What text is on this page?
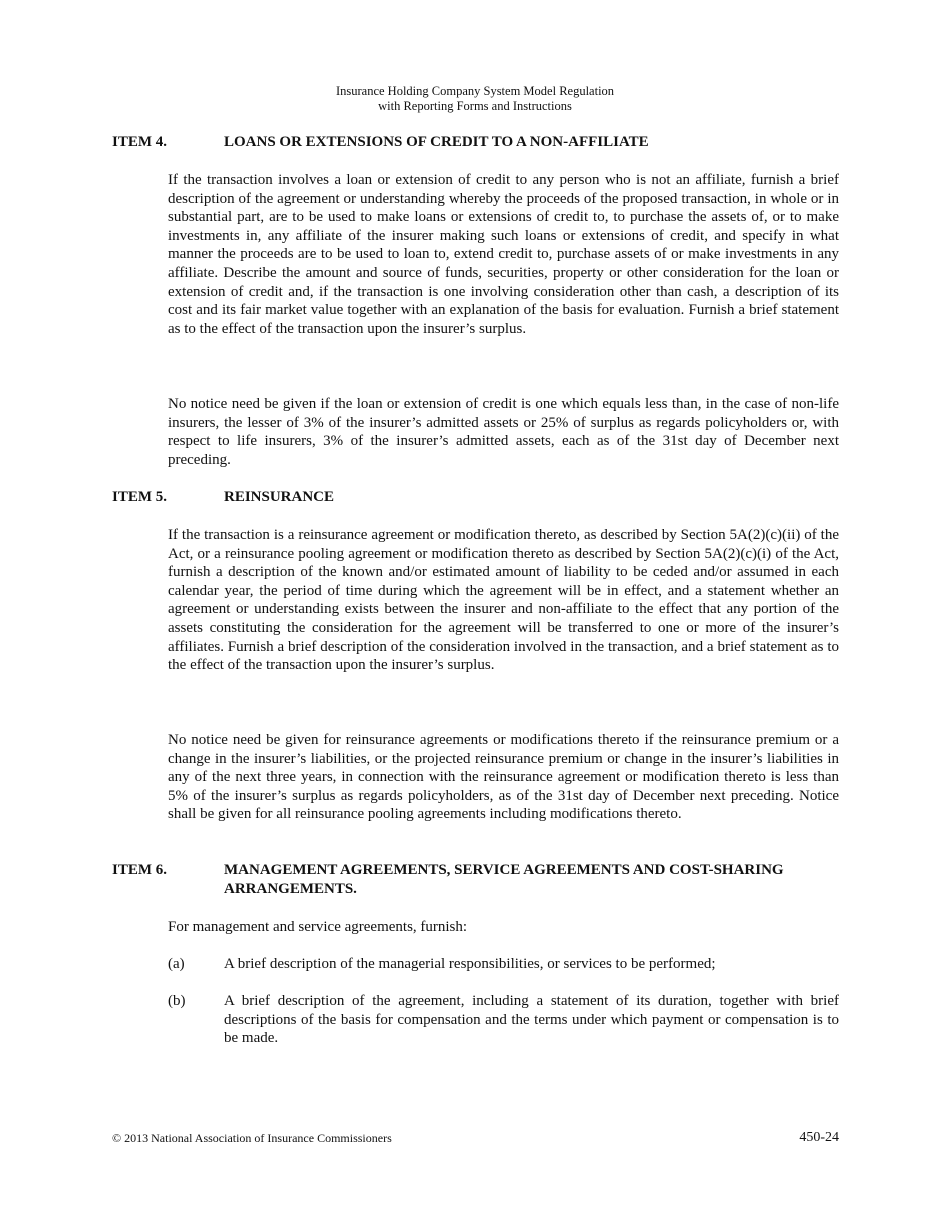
Insurance Holding Company System Model Regulation
with Reporting Forms and Instructions
ITEM 4.	LOANS OR EXTENSIONS OF CREDIT TO A NON-AFFILIATE

If the transaction involves a loan or extension of credit to any person who is not an affiliate, furnish a brief description of the agreement or understanding whereby the proceeds of the proposed transaction, in whole or in substantial part, are to be used to make loans or extensions of credit to, to purchase the assets of, or to make investments in, any affiliate of the insurer making such loans or extensions of credit, and specify in what manner the proceeds are to be used to loan to, extend credit to, purchase assets of or make investments in any affiliate. Describe the amount and source of funds, securities, property or other consideration for the loan or extension of credit and, if the transaction is one involving consideration other than cash, a description of its cost and its fair market value together with an explanation of the basis for evaluation. Furnish a brief statement as to the effect of the transaction upon the insurer’s surplus.

No notice need be given if the loan or extension of credit is one which equals less than, in the case of non-life insurers, the lesser of 3% of the insurer’s admitted assets or 25% of surplus as regards policyholders or, with respect to life insurers, 3% of the insurer’s admitted assets, each as of the 31st day of December next preceding.

ITEM 5.	REINSURANCE

If the transaction is a reinsurance agreement or modification thereto, as described by Section 5A(2)(c)(ii) of the Act, or a reinsurance pooling agreement or modification thereto as described by Section 5A(2)(c)(i) of the Act, furnish a description of the known and/or estimated amount of liability to be ceded and/or assumed in each calendar year, the period of time during which the agreement will be in effect, and a statement whether an agreement or understanding exists between the insurer and non-affiliate to the effect that any portion of the assets constituting the consideration for the agreement will be transferred to one or more of the insurer’s affiliates. Furnish a brief description of the consideration involved in the transaction, and a brief statement as to the effect of the transaction upon the insurer’s surplus.

No notice need be given for reinsurance agreements or modifications thereto if the reinsurance premium or a change in the insurer’s liabilities, or the projected reinsurance premium or change in the insurer’s liabilities in any of the next three years, in connection with the reinsurance agreement or modification thereto is less than 5% of the insurer’s surplus as regards policyholders, as of the 31st day of December next preceding. Notice shall be given for all reinsurance pooling agreements including modifications thereto.

ITEM 6.	MANAGEMENT AGREEMENTS, SERVICE AGREEMENTS AND COST-SHARING ARRANGEMENTS.

For management and service agreements, furnish:

(a)	A brief description of the managerial responsibilities, or services to be performed;
(b)	A brief description of the agreement, including a statement of its duration, together with brief descriptions of the basis for compensation and the terms under which payment or compensation is to be made.
© 2013 National Association of Insurance Commissioners	450-24
